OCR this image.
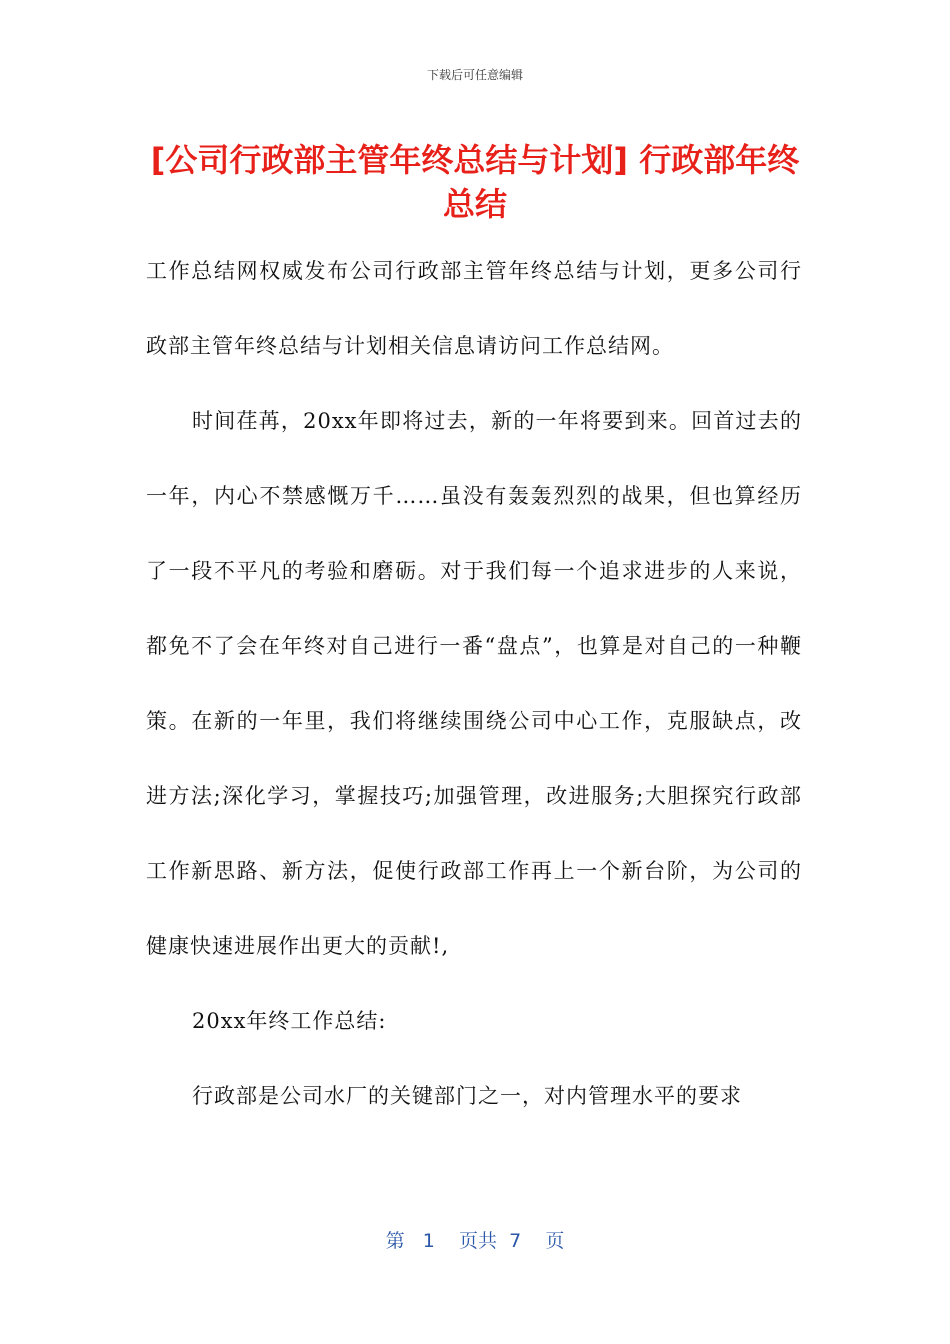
下载后可任意编辑
[公司行政部主管年终总结与计划] 行政部年终总结

工作总结网权威发布公司行政部主管年终总结与计划，更多公司行政部主管年终总结与计划相关信息请访问工作总结网。

时间荏苒，20xx年即将过去，新的一年将要到来。回首过去的一年，内心不禁感慨万千……虽没有轰轰烈烈的战果，但也算经历了一段不平凡的考验和磨砺。对于我们每一个追求进步的人来说，都免不了会在年终对自己进行一番“盘点”，也算是对自己的一种鞭策。在新的一年里，我们将继续围绕公司中心工作，克服缺点，改进方法;深化学习，掌握技巧;加强管理，改进服务;大胆探究行政部工作新思路、新方法，促使行政部工作再上一个新台阶，为公司的健康快速进展作出更大的贡献!,

20xx年终工作总结:

行政部是公司水厂的关键部门之一，对内管理水平的要求

第 1 页共 7 页
